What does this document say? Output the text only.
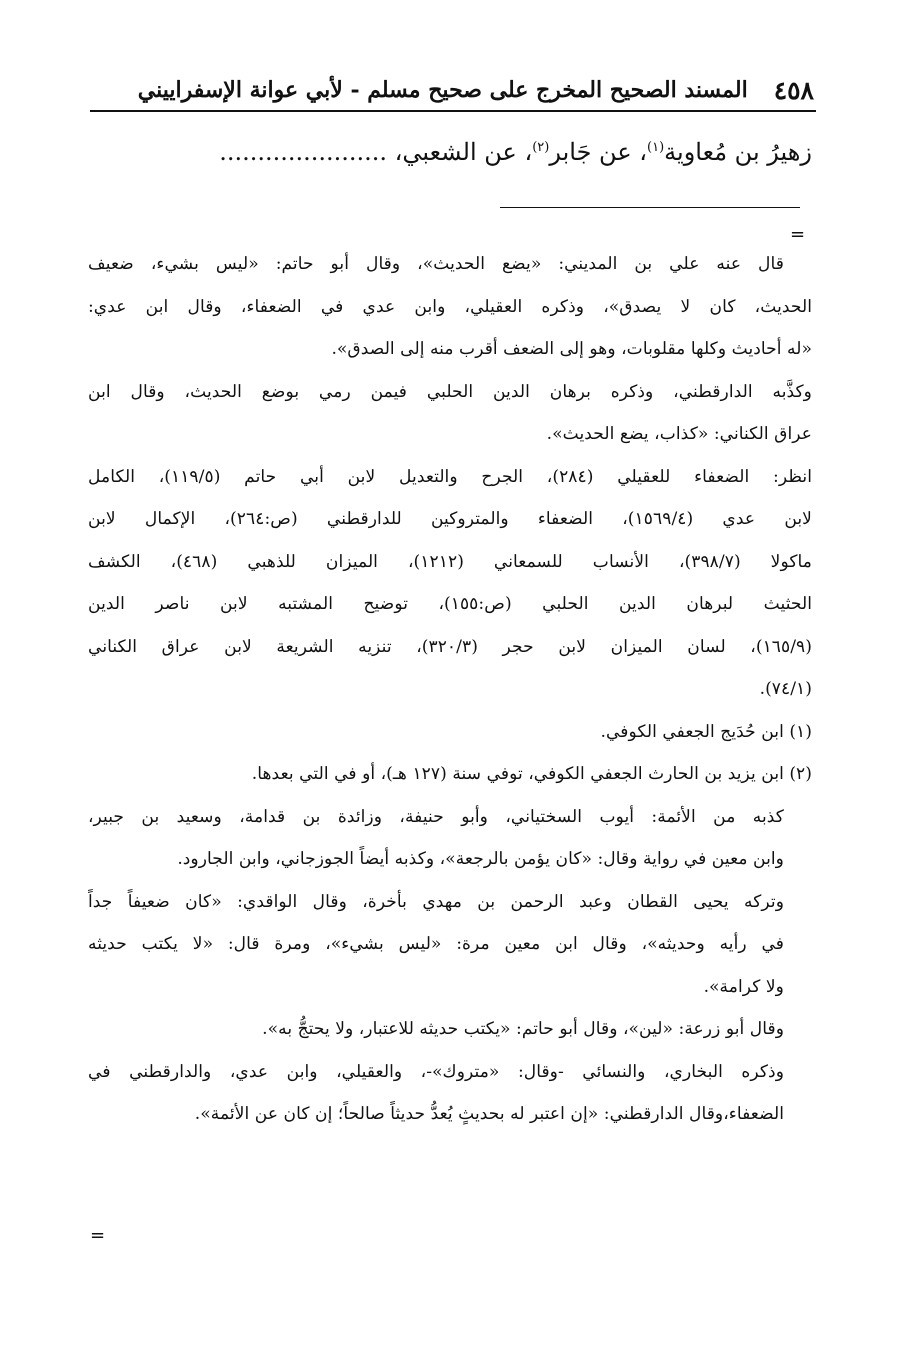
٤٥٨
المسند الصحيح المخرج على صحيح مسلم - لأبي عوانة الإسفراييني
زهيرُ بن مُعاوية$^{(١)}$، عن جَابر$^{(٢)}$، عن الشعبي، ......................
=
قال عنه علي بن المديني: «يضع الحديث»، وقال أبو حاتم: «ليس بشيء، ضعيف
الحديث، كان لا يصدق»، وذكره العقيلي، وابن عدي في الضعفاء، وقال ابن عدي:
«له أحاديث وكلها مقلوبات، وهو إلى الضعف أقرب منه إلى الصدق».
وكذَّبه الدارقطني، وذكره برهان الدين الحلبي فيمن رمي بوضع الحديث، وقال ابن
عراق الكناني: «كذاب، يضع الحديث».
انظر: الضعفاء للعقيلي (٢٨٤)، الجرح والتعديل لابن أبي حاتم (١١٩/٥)، الكامل
لابن عدي (١٥٦٩/٤)، الضعفاء والمتروكين للدارقطني (ص:٢٦٤)، الإكمال لابن
ماكولا (٣٩٨/٧)، الأنساب للسمعاني (١٢١٢)، الميزان للذهبي (٤٦٨)، الكشف
الحثيث لبرهان الدين الحلبي (ص:١٥٥)، توضيح المشتبه لابن ناصر الدين
(١٦٥/٩)، لسان الميزان لابن حجر (٣٢٠/٣)، تنزيه الشريعة لابن عراق الكناني
(٧٤/١).
(١) ابن حُدَيج الجعفي الكوفي.
(٢) ابن يزيد بن الحارث الجعفي الكوفي، توفي سنة (١٢٧ هـ)، أو في التي بعدها.
كذبه من الأئمة: أيوب السختياني، وأبو حنيفة، وزائدة بن قدامة، وسعيد بن جبير،
وابن معين في رواية وقال: «كان يؤمن بالرجعة»، وكذبه أيضاً الجوزجاني، وابن الجارود.
وتركه يحيى القطان وعبد الرحمن بن مهدي بأخرة، وقال الواقدي: «كان ضعيفاً جداً
في رأيه وحديثه»، وقال ابن معين مرة: «ليس بشيء»، ومرة قال: «لا يكتب حديثه
ولا كرامة».
وقال أبو زرعة: «لين»، وقال أبو حاتم: «يكتب حديثه للاعتبار، ولا يحتجُّ به».
وذكره البخاري، والنسائي -وقال: «متروك»-، والعقيلي، وابن عدي، والدارقطني في
الضعفاء،وقال الدارقطني: «إن اعتبر له بحديثٍ يُعدُّ حديثاً صالحاً؛ إن كان عن الأئمة».
=
